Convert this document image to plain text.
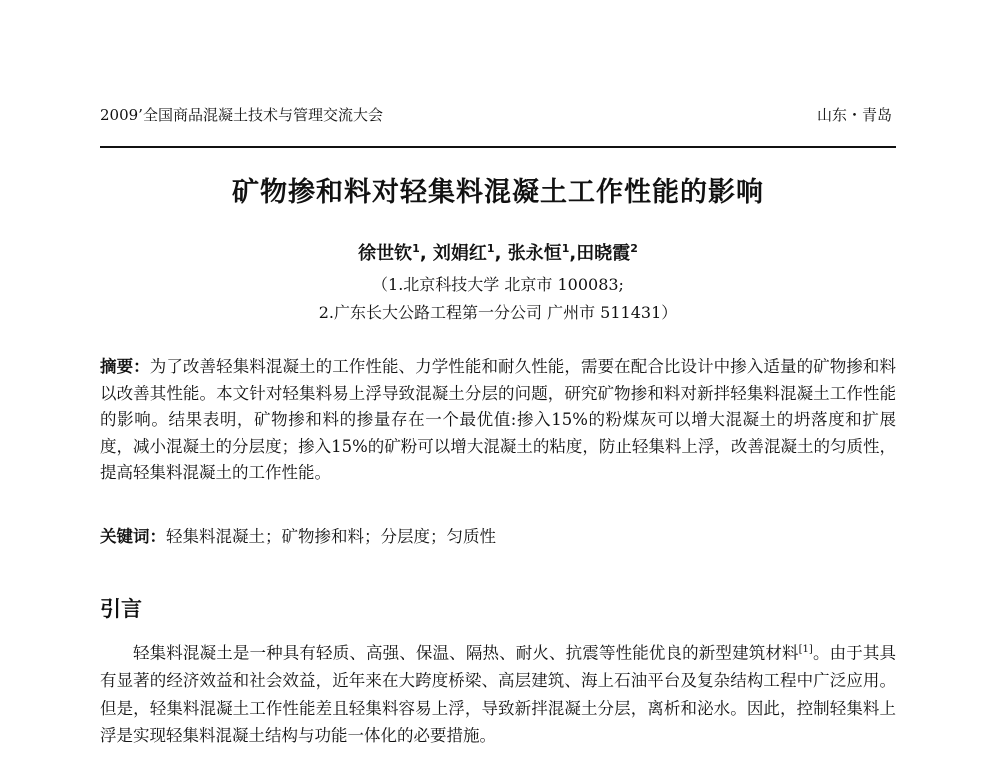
2009’全国商品混凝土技术与管理交流大会	山东・青岛
矿物掺和料对轻集料混凝土工作性能的影响
徐世钦$^1$, 刘娟红$^1$, 张永恒$^1$,田晓霞$^2$
（1.北京科技大学 北京市 100083;
2.广东长大公路工程第一分公司 广州市 511431）
摘要：为了改善轻集料混凝土的工作性能、力学性能和耐久性能，需要在配合比设计中掺入适量的矿物掺和料以改善其性能。本文针对轻集料易上浮导致混凝土分层的问题，研究矿物掺和料对新拌轻集料混凝土工作性能的影响。结果表明，矿物掺和料的掺量存在一个最优值:掺入15%的粉煤灰可以增大混凝土的坍落度和扩展度，减小混凝土的分层度；掺入15%的矿粉可以增大混凝土的粘度，防止轻集料上浮，改善混凝土的匀质性，提高轻集料混凝土的工作性能。
关键词：轻集料混凝土；矿物掺和料；分层度；匀质性
引言
轻集料混凝土是一种具有轻质、高强、保温、隔热、耐火、抗震等性能优良的新型建筑材料[1]。由于其具有显著的经济效益和社会效益，近年来在大跨度桥梁、高层建筑、海上石油平台及复杂结构工程中广泛应用。但是，轻集料混凝土工作性能差且轻集料容易上浮，导致新拌混凝土分层，离析和泌水。因此，控制轻集料上浮是实现轻集料混凝土结构与功能一体化的必要措施。
